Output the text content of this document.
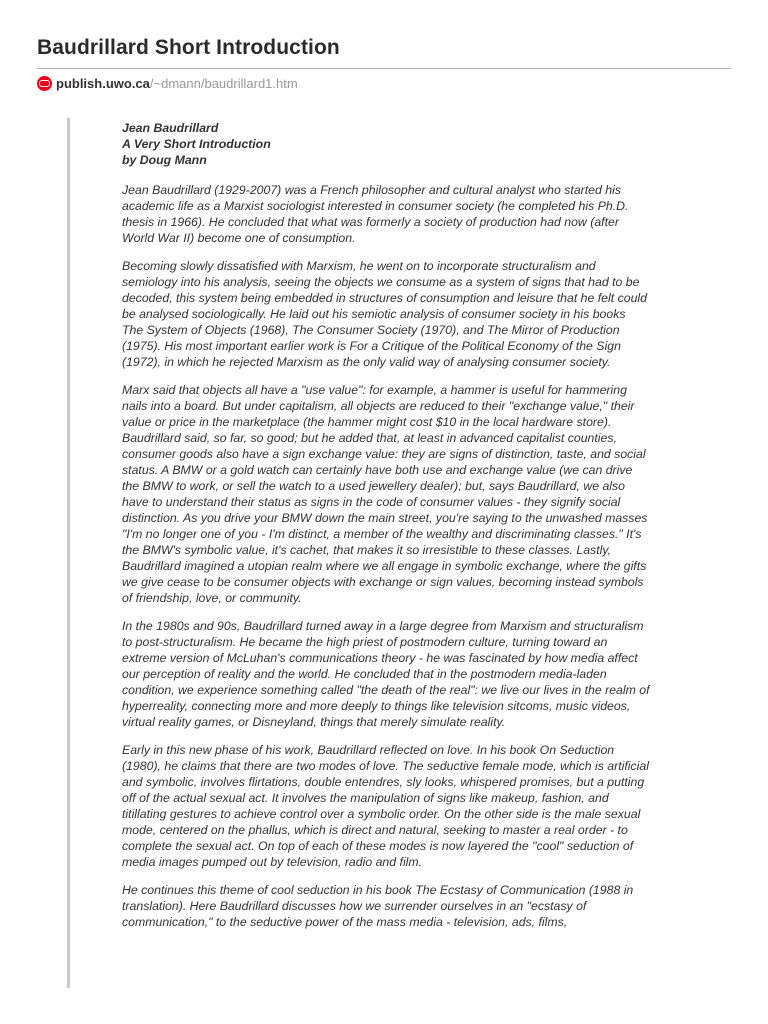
Baudrillard Short Introduction
publish.uwo.ca /~dmann/baudrillard1.htm
Jean Baudrillard
A Very Short Introduction
by Doug Mann

Jean Baudrillard (1929-2007) was a French philosopher and cultural analyst who started his academic life as a Marxist sociologist interested in consumer society (he completed his Ph.D. thesis in 1966). He concluded that what was formerly a society of production had now (after World War II) become one of consumption.

Becoming slowly dissatisfied with Marxism, he went on to incorporate structuralism and semiology into his analysis, seeing the objects we consume as a system of signs that had to be decoded, this system being embedded in structures of consumption and leisure that he felt could be analysed sociologically. He laid out his semiotic analysis of consumer society in his books The System of Objects (1968), The Consumer Society (1970), and The Mirror of Production (1975). His most important earlier work is For a Critique of the Political Economy of the Sign (1972), in which he rejected Marxism as the only valid way of analysing consumer society.

Marx said that objects all have a "use value": for example, a hammer is useful for hammering nails into a board. But under capitalism, all objects are reduced to their "exchange value," their value or price in the marketplace (the hammer might cost $10 in the local hardware store). Baudrillard said, so far, so good; but he added that, at least in advanced capitalist counties, consumer goods also have a sign exchange value: they are signs of distinction, taste, and social status. A BMW or a gold watch can certainly have both use and exchange value (we can drive the BMW to work, or sell the watch to a used jewellery dealer); but, says Baudrillard, we also have to understand their status as signs in the code of consumer values - they signify social distinction. As you drive your BMW down the main street, you're saying to the unwashed masses "I'm no longer one of you - I'm distinct, a member of the wealthy and discriminating classes." It's the BMW's symbolic value, it's cachet, that makes it so irresistible to these classes. Lastly, Baudrillard imagined a utopian realm where we all engage in symbolic exchange, where the gifts we give cease to be consumer objects with exchange or sign values, becoming instead symbols of friendship, love, or community.

In the 1980s and 90s, Baudrillard turned away in a large degree from Marxism and structuralism to post-structuralism. He became the high priest of postmodern culture, turning toward an extreme version of McLuhan's communications theory - he was fascinated by how media affect our perception of reality and the world. He concluded that in the postmodern media-laden condition, we experience something called "the death of the real": we live our lives in the realm of hyperreality, connecting more and more deeply to things like television sitcoms, music videos, virtual reality games, or Disneyland, things that merely simulate reality.

Early in this new phase of his work, Baudrillard reflected on love. In his book On Seduction (1980), he claims that there are two modes of love. The seductive female mode, which is artificial and symbolic, involves flirtations, double entendres, sly looks, whispered promises, but a putting off of the actual sexual act. It involves the manipulation of signs like makeup, fashion, and titillating gestures to achieve control over a symbolic order. On the other side is the male sexual mode, centered on the phallus, which is direct and natural, seeking to master a real order - to complete the sexual act. On top of each of these modes is now layered the "cool" seduction of media images pumped out by television, radio and film.

He continues this theme of cool seduction in his book The Ecstasy of Communication (1988 in translation). Here Baudrillard discusses how we surrender ourselves in an "ecstasy of communication," to the seductive power of the mass media - television, ads, films,
